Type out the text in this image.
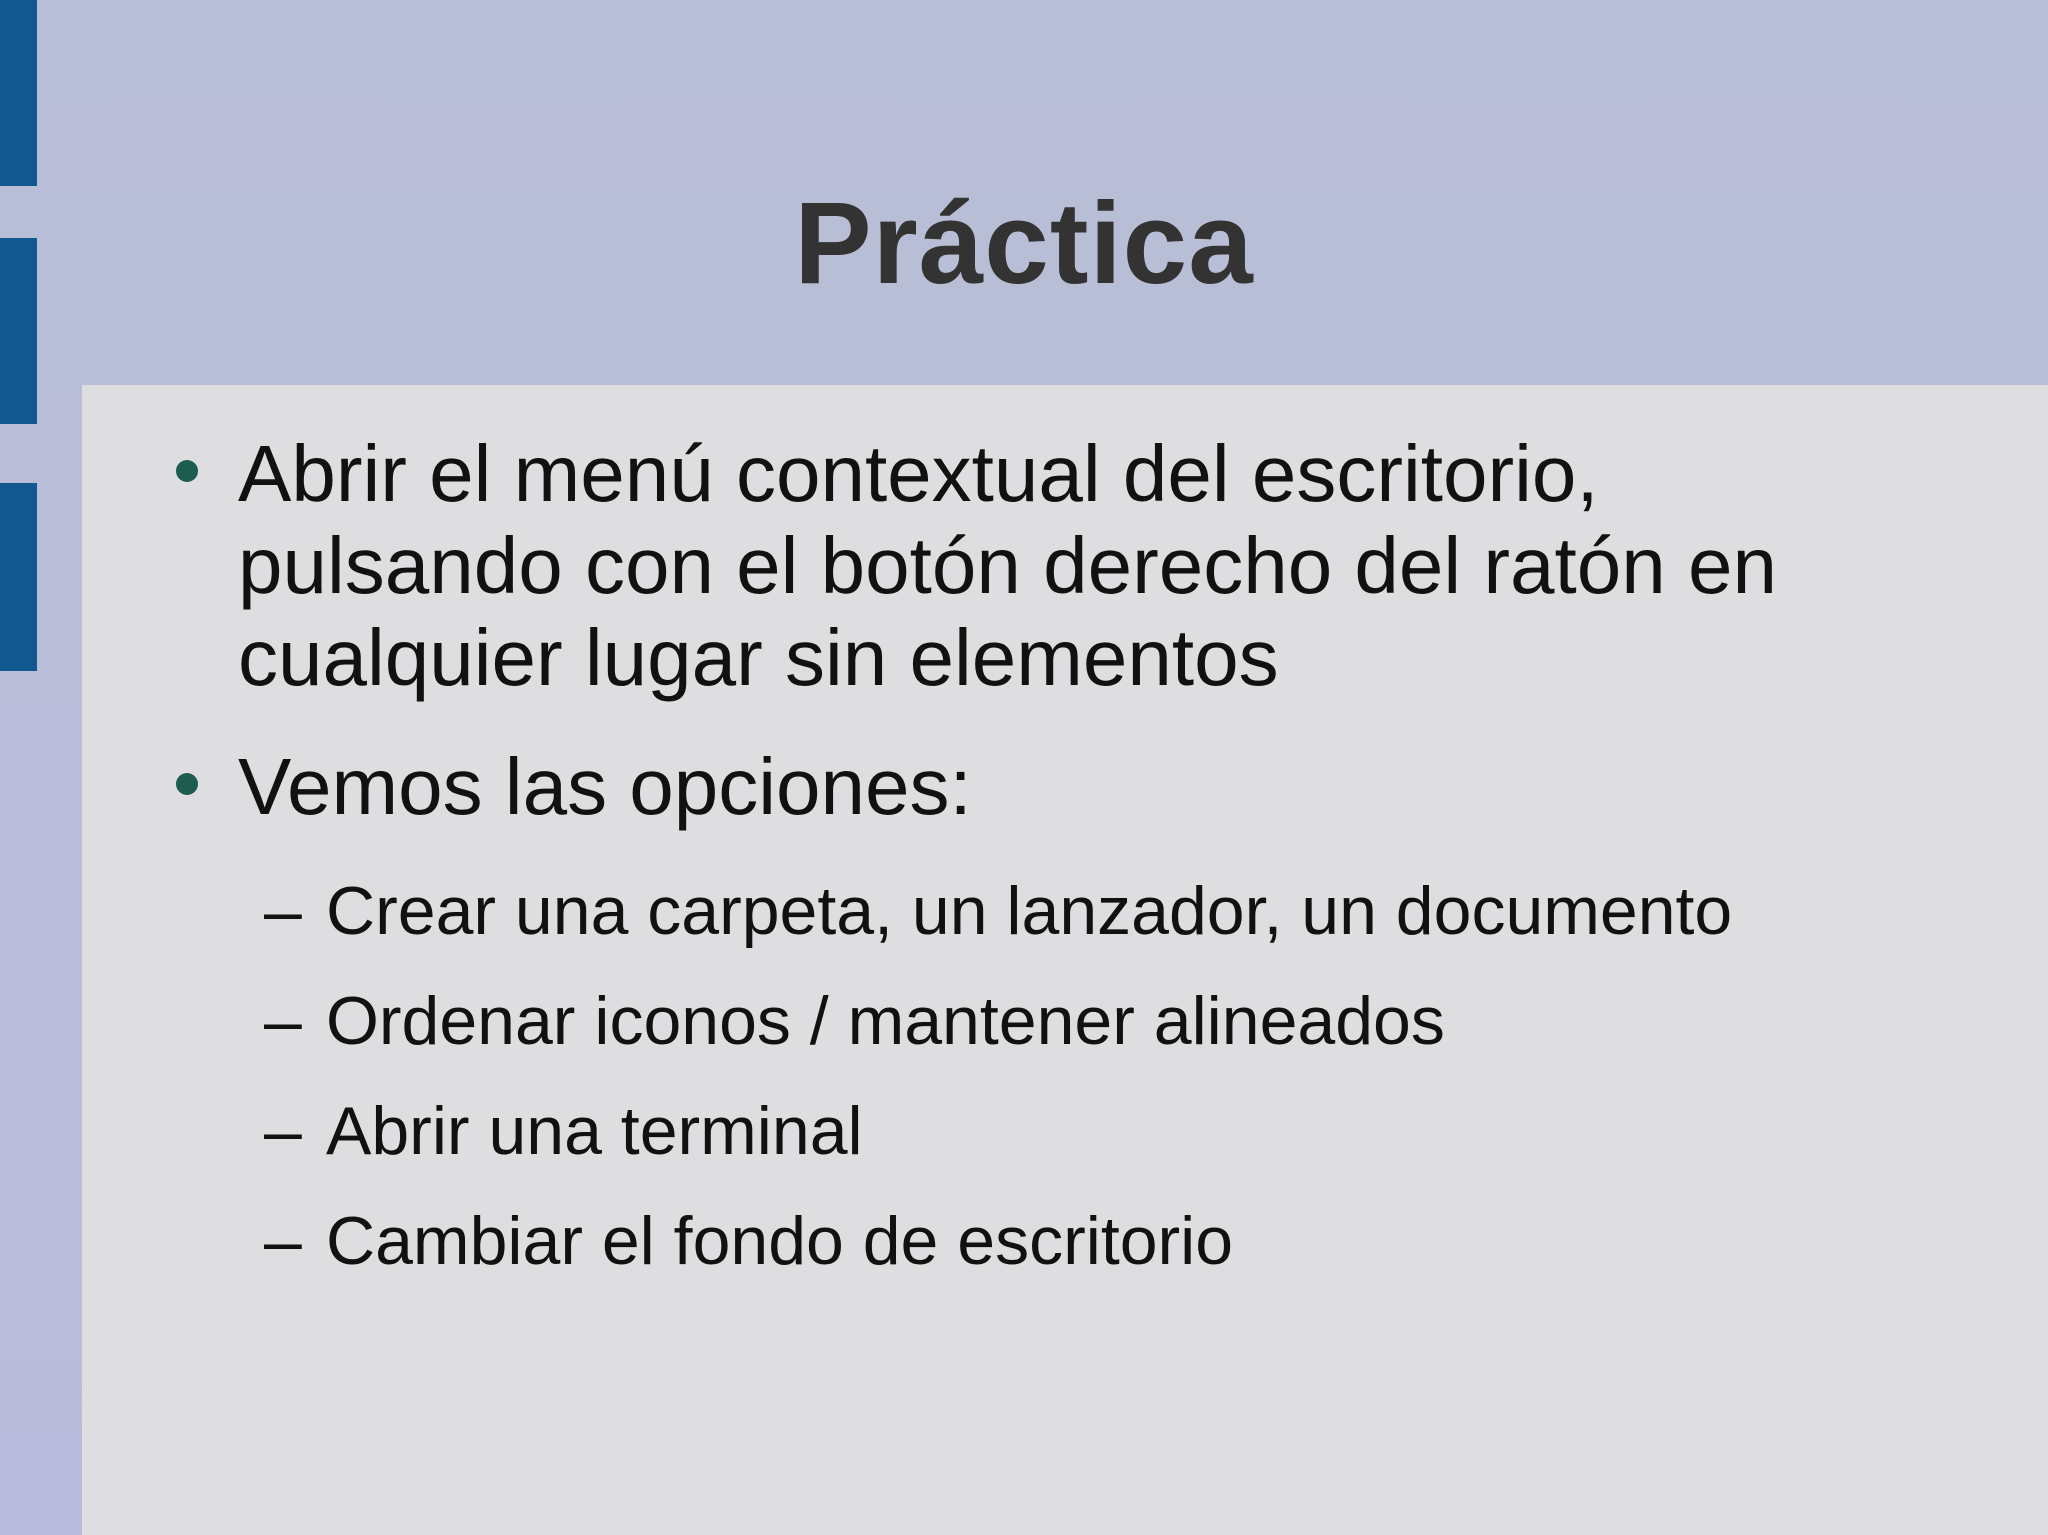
Práctica
Abrir el menú contextual del escritorio,
pulsando con el botón derecho del ratón en
cualquier lugar sin elementos
Vemos las opciones:
– Crear una carpeta, un lanzador, un documento
– Ordenar iconos / mantener alineados
– Abrir una terminal
– Cambiar el fondo de escritorio
